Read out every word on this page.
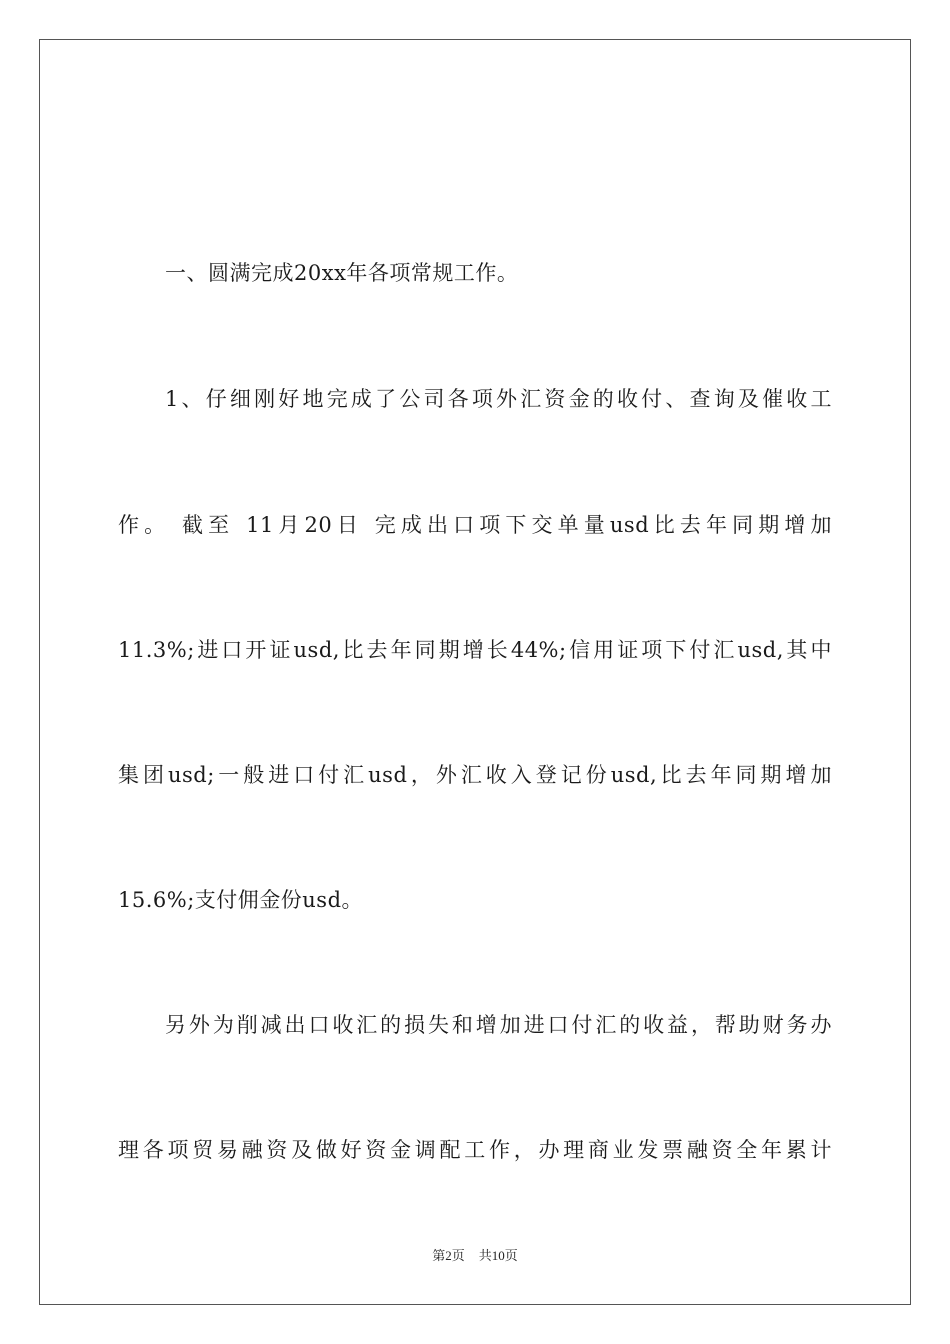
一、圆满完成20xx年各项常规工作。
1、仔细刚好地完成了公司各项外汇资金的收付、查询及催收工
作。 截至 11月20日 完成出口项下交单量usd比去年同期增加
11.3%;进口开证usd,比去年同期增长44%;信用证项下付汇usd,其中
集团usd;一般进口付汇usd，外汇收入登记份usd,比去年同期增加
15.6%;支付佣金份usd。
另外为削减出口收汇的损失和增加进口付汇的收益，帮助财务办
理各项贸易融资及做好资金调配工作，办理商业发票融资全年累计
第2页 共10页
